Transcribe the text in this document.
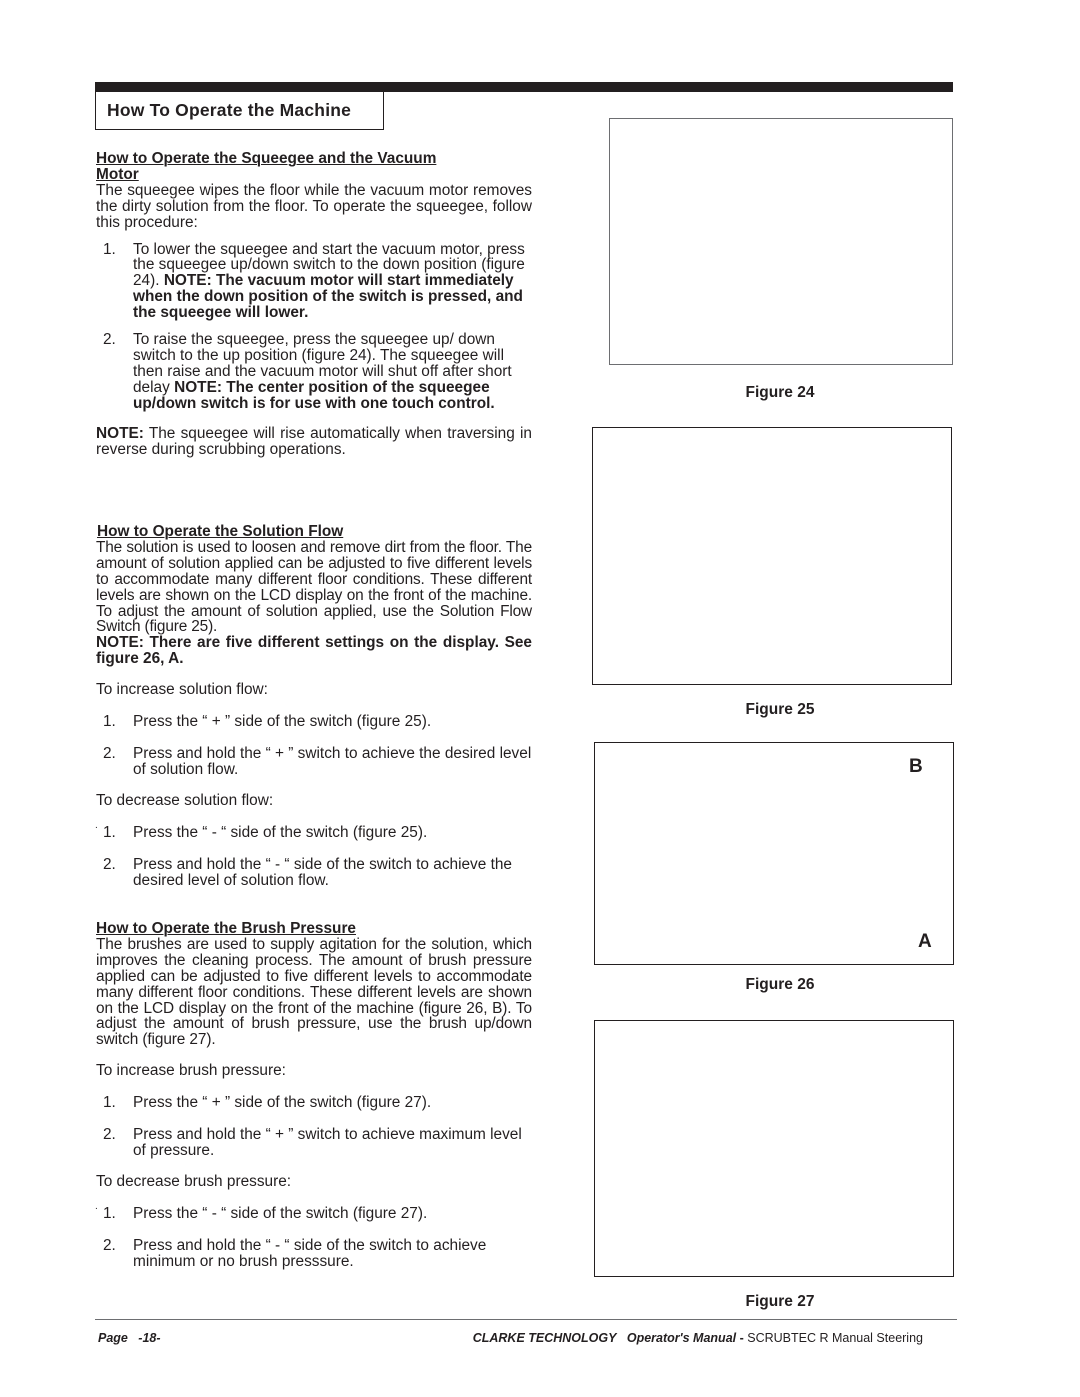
How To Operate the Machine
How to Operate the Squeegee and the Vacuum
Motor

The squeegee wipes the floor while the vacuum motor removes the dirty solution from the floor. To operate the squeegee, follow this procedure:

1. To lower the squeegee and start the vacuum motor, press the squeegee up/down switch to the down position (figure 24). NOTE: The vacuum motor will start immediately when the down position of the switch is pressed, and the squeegee will lower.
2. To raise the squeegee, press the squeegee up/ down switch to the up position (figure 24). The squeegee will then raise and the vacuum motor will shut off after short delay NOTE: The center position of the squeegee up/down switch is for use with one touch control.

NOTE: The squeegee will rise automatically when traversing in reverse during scrubbing operations.

How to Operate the Solution Flow

The solution is used to loosen and remove dirt from the floor. The amount of solution applied can be adjusted to five different levels to accommodate many different floor conditions. These different levels are shown on the LCD display on the front of the machine. To adjust the amount of solution applied, use the Solution Flow Switch (figure 25).

NOTE: There are five different settings on the display. See figure 26, A.

To increase solution flow:
1. Press the “ + ” side of the switch (figure 25).
2. Press and hold the “ + ” switch to achieve the desired level of solution flow.
To decrease solution flow:
. 1. Press the “ - “ side of the switch (figure 25).
2. Press and hold the “ - “ side of the switch to achieve the desired level of solution flow.
How to Operate the Brush Pressure

The brushes are used to supply agitation for the solution, which improves the cleaning process. The amount of brush pressure applied can be adjusted to five different levels to accommodate many different floor conditions. These different levels are shown on the LCD display on the front of the machine (figure 26, B). To adjust the amount of brush pressure, use the brush up/down switch (figure 27).

To increase brush pressure:
1. Press the “ + ” side of the switch (figure 27).
2. Press and hold the “ + ” switch to achieve maximum level of pressure.
To decrease brush pressure:
. 1. Press the “ - “ side of the switch (figure 27).
2. Press and hold the “ - “ side of the switch to achieve minimum or no brush presssure.
Figure 24
Figure 25
B
A
Figure 26
Figure 27
Page   -18-	CLARKE TECHNOLOGY Operator's Manual - SCRUBTEC R Manual Steering
